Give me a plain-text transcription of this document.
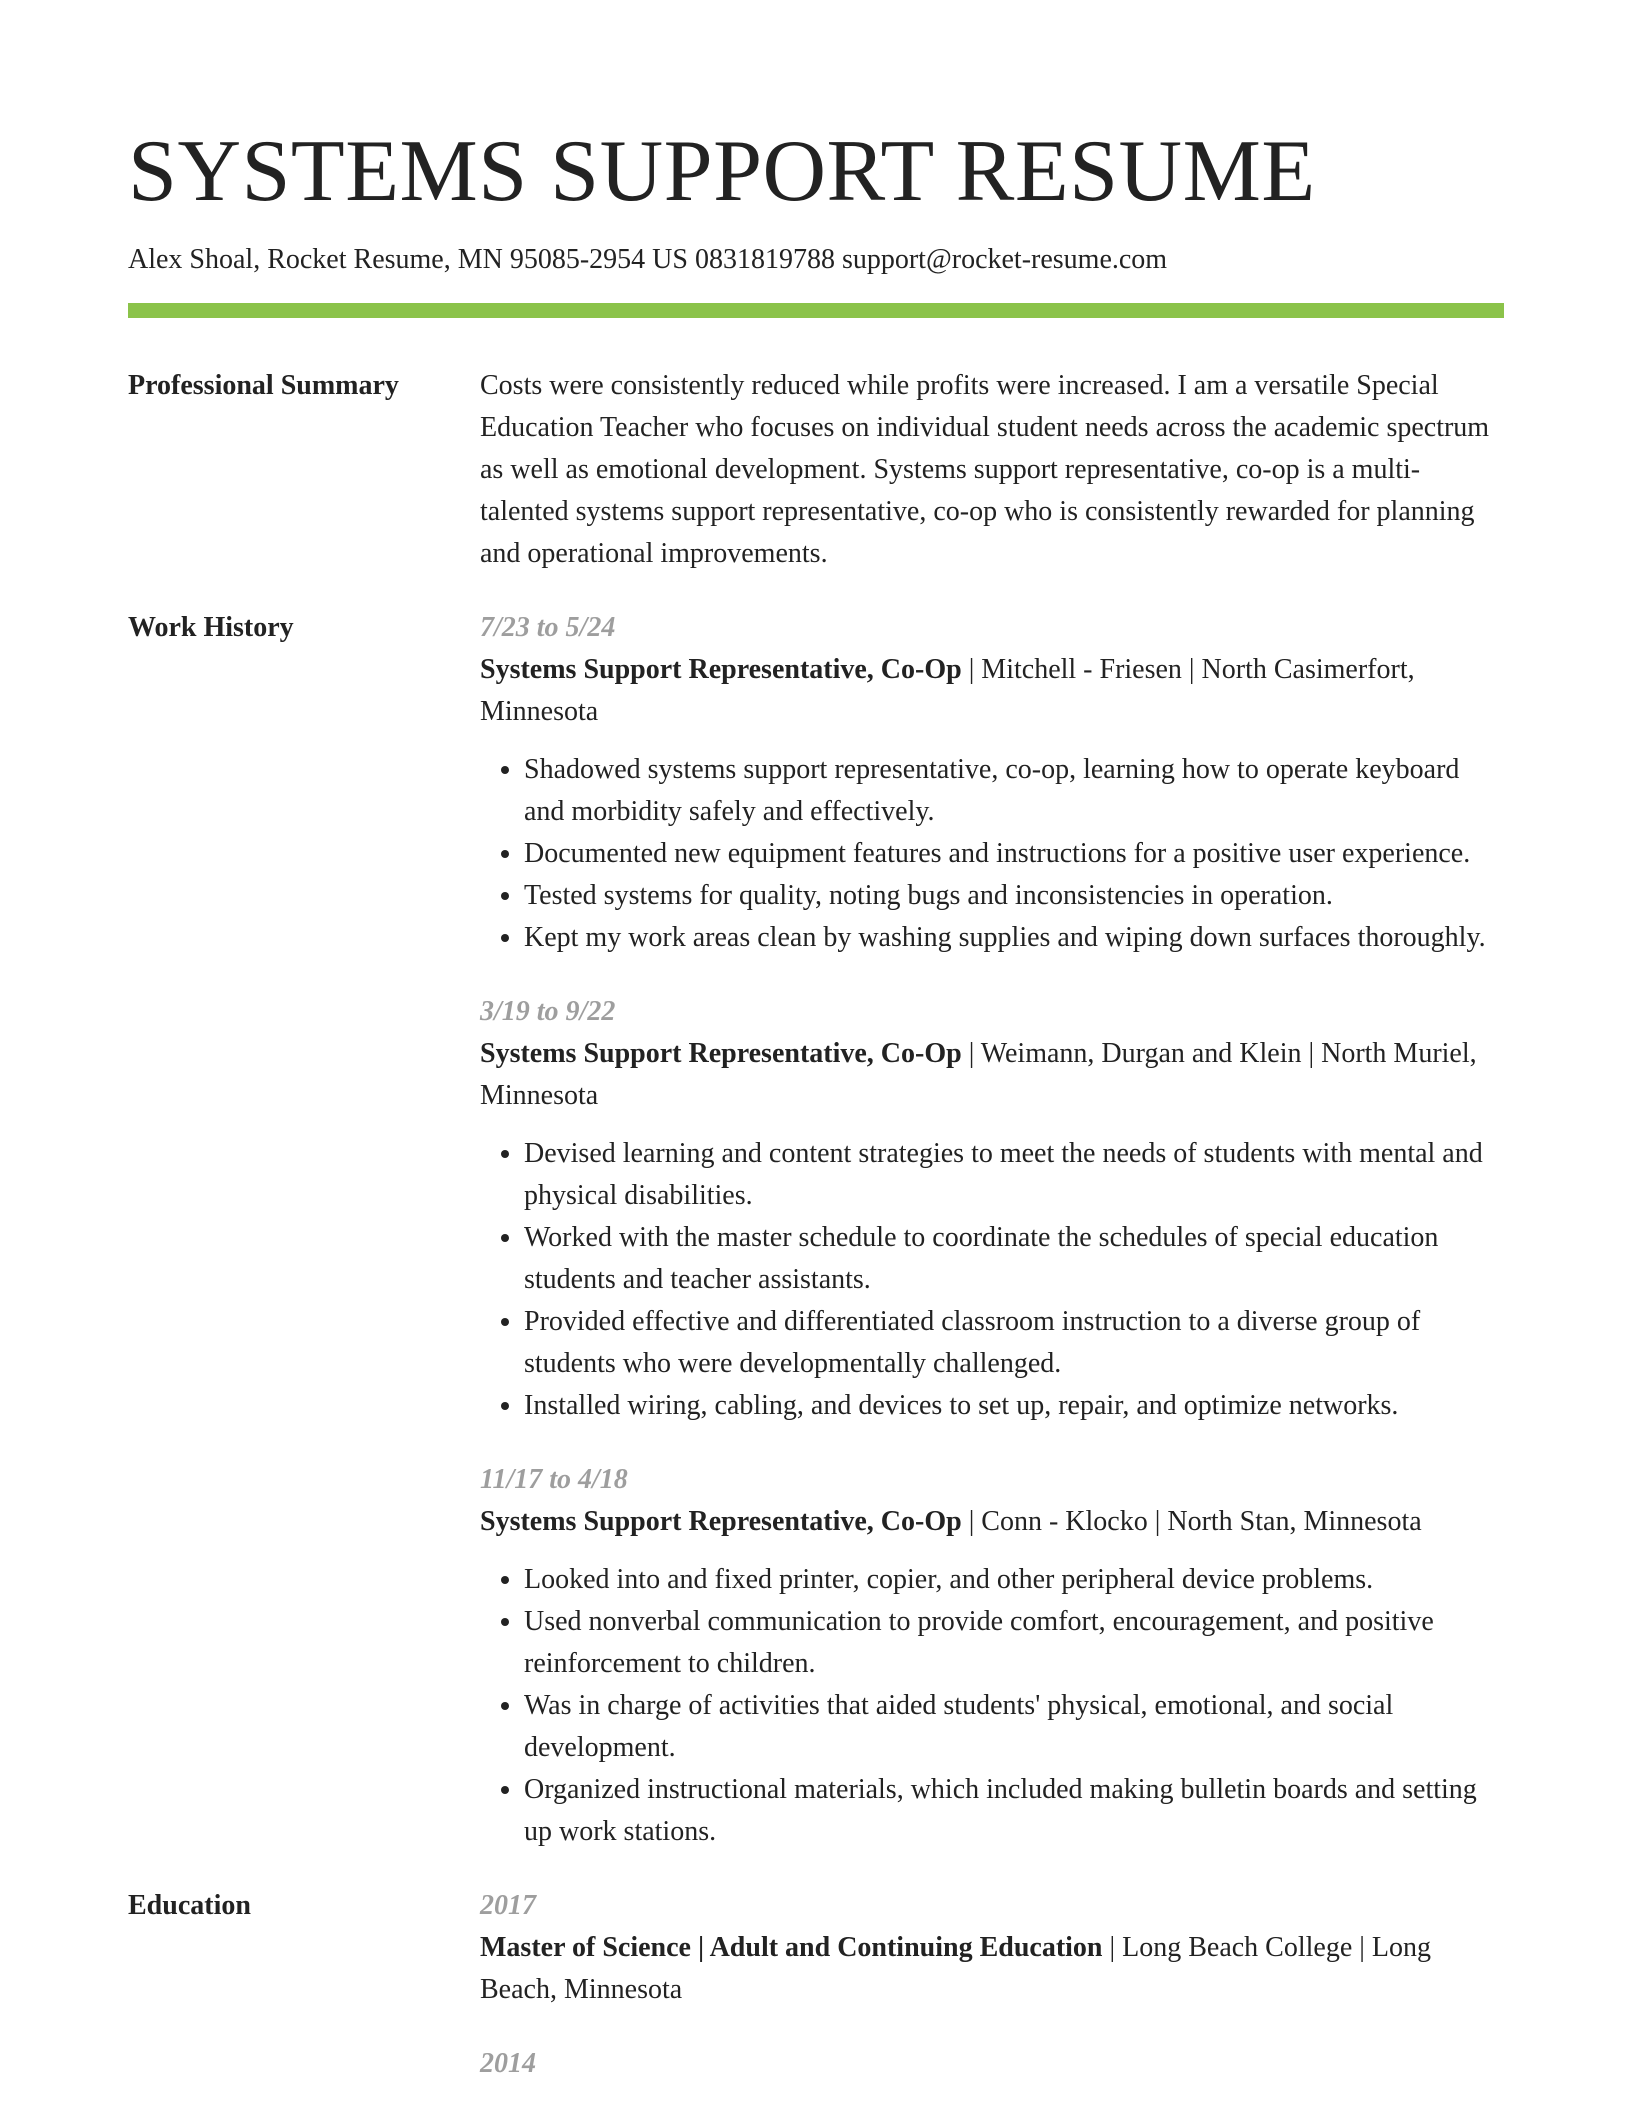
SYSTEMS SUPPORT RESUME
Alex Shoal, Rocket Resume, MN 95085-2954 US 0831819788 support@rocket-resume.com
Professional Summary	Costs were consistently reduced while profits were increased. I am a versatile Special Education Teacher who focuses on individual student needs across the academic spectrum as well as emotional development. Systems support representative, co-op is a multi-talented systems support representative, co-op who is consistently rewarded for planning and operational improvements.

Work History	7/23 to 5/24

Systems Support Representative, Co-Op | Mitchell - Friesen | North Casimerfort, Minnesota

• Shadowed systems support representative, co-op, learning how to operate keyboard and morbidity safely and effectively.
• Documented new equipment features and instructions for a positive user experience.
• Tested systems for quality, noting bugs and inconsistencies in operation.
• Kept my work areas clean by washing supplies and wiping down surfaces thoroughly.
3/19 to 9/22

Systems Support Representative, Co-Op | Weimann, Durgan and Klein | North Muriel, Minnesota

• Devised learning and content strategies to meet the needs of students with mental and physical disabilities.
• Worked with the master schedule to coordinate the schedules of special education students and teacher assistants.
• Provided effective and differentiated classroom instruction to a diverse group of students who were developmentally challenged.
• Installed wiring, cabling, and devices to set up, repair, and optimize networks.
11/17 to 4/18

Systems Support Representative, Co-Op | Conn - Klocko | North Stan, Minnesota

• Looked into and fixed printer, copier, and other peripheral device problems.
• Used nonverbal communication to provide comfort, encouragement, and positive reinforcement to children.
• Was in charge of activities that aided students' physical, emotional, and social development.
• Organized instructional materials, which included making bulletin boards and setting up work stations.
Education	2017

Master of Science | Adult and Continuing Education | Long Beach College | Long Beach, Minnesota

2014
